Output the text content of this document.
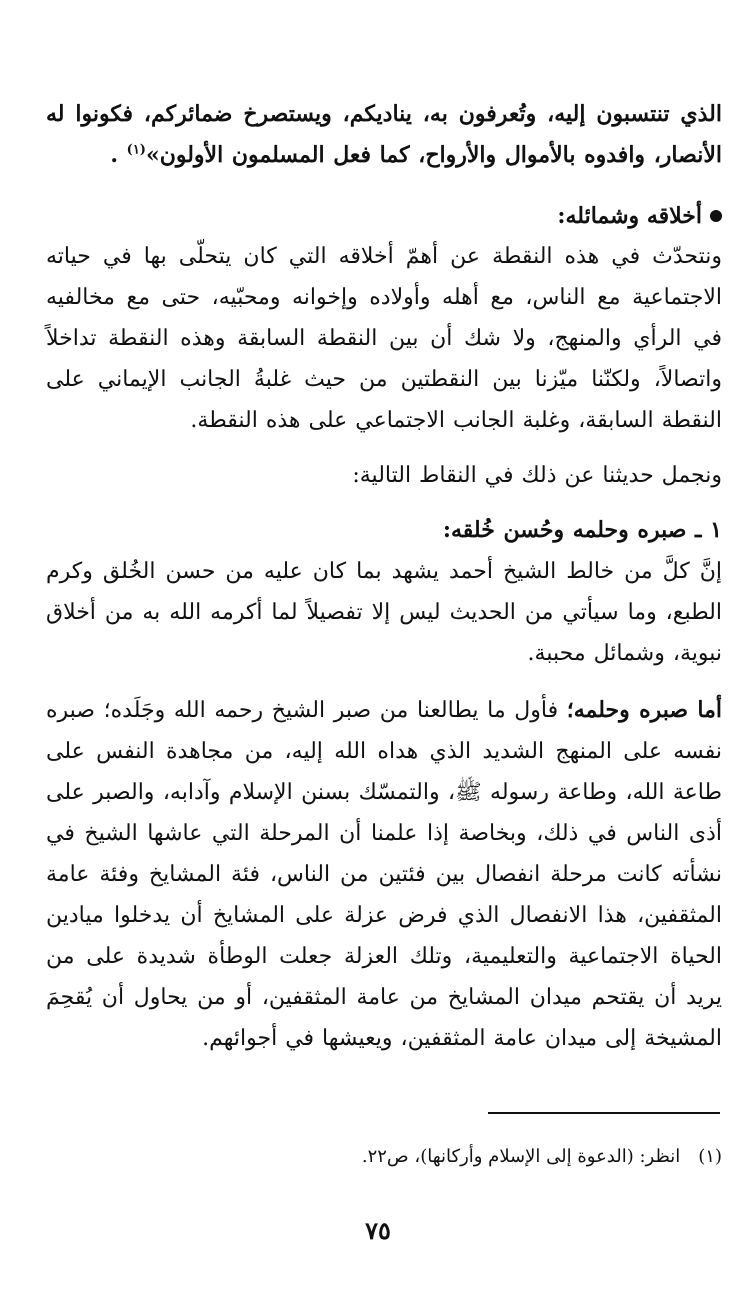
الذي تنتسبون إليه، وتُعرفون به، يناديكم، ويستصرخ ضمائركم، فكونوا له الأنصار، وافدوه بالأموال والأرواح، كما فعل المسلمون الأولون»$^{(١)}$ .

أخلاقه وشمائله:

ونتحدّث في هذه النقطة عن أهمّ أخلاقه التي كان يتحلّى بها في حياته الاجتماعية مع الناس، مع أهله وأولاده وإخوانه ومحبّيه، حتى مع مخالفيه في الرأي والمنهج، ولا شك أن بين النقطة السابقة وهذه النقطة تداخلاً واتصالاً، ولكنّنا ميّزنا بين النقطتين من حيث غلبةُ الجانب الإيماني على النقطة السابقة، وغلبة الجانب الاجتماعي على هذه النقطة.

ونجمل حديثنا عن ذلك في النقاط التالية:

١ ـ صبره وحلمه وحُسن خُلقه:

إنَّ كلَّ من خالط الشيخ أحمد يشهد بما كان عليه من حسن الخُلق وكرم الطبع، وما سيأتي من الحديث ليس إلا تفصيلاً لما أكرمه الله به من أخلاق نبوية، وشمائل محببة.

أما صبره وحلمه؛ فأول ما يطالعنا من صبر الشيخ رحمه الله وجَلَده؛ صبره نفسه على المنهج الشديد الذي هداه الله إليه، من مجاهدة النفس على طاعة الله، وطاعة رسوله ﷺ، والتمسّك بسنن الإسلام وآدابه، والصبر على أذى الناس في ذلك، وبخاصة إذا علمنا أن المرحلة التي عاشها الشيخ في نشأته كانت مرحلة انفصال بين فئتين من الناس، فئة المشايخ وفئة عامة المثقفين، هذا الانفصال الذي فرض عزلة على المشايخ أن يدخلوا ميادين الحياة الاجتماعية والتعليمية، وتلك العزلة جعلت الوطأة شديدة على من يريد أن يقتحم ميدان المشايخ من عامة المثقفين، أو من يحاول أن يُقحِمَ المشيخة إلى ميدان عامة المثقفين، ويعيشها في أجوائهم.

(١)انظر: (الدعوة إلى الإسلام وأركانها)، ص٢٢.
٧٥
